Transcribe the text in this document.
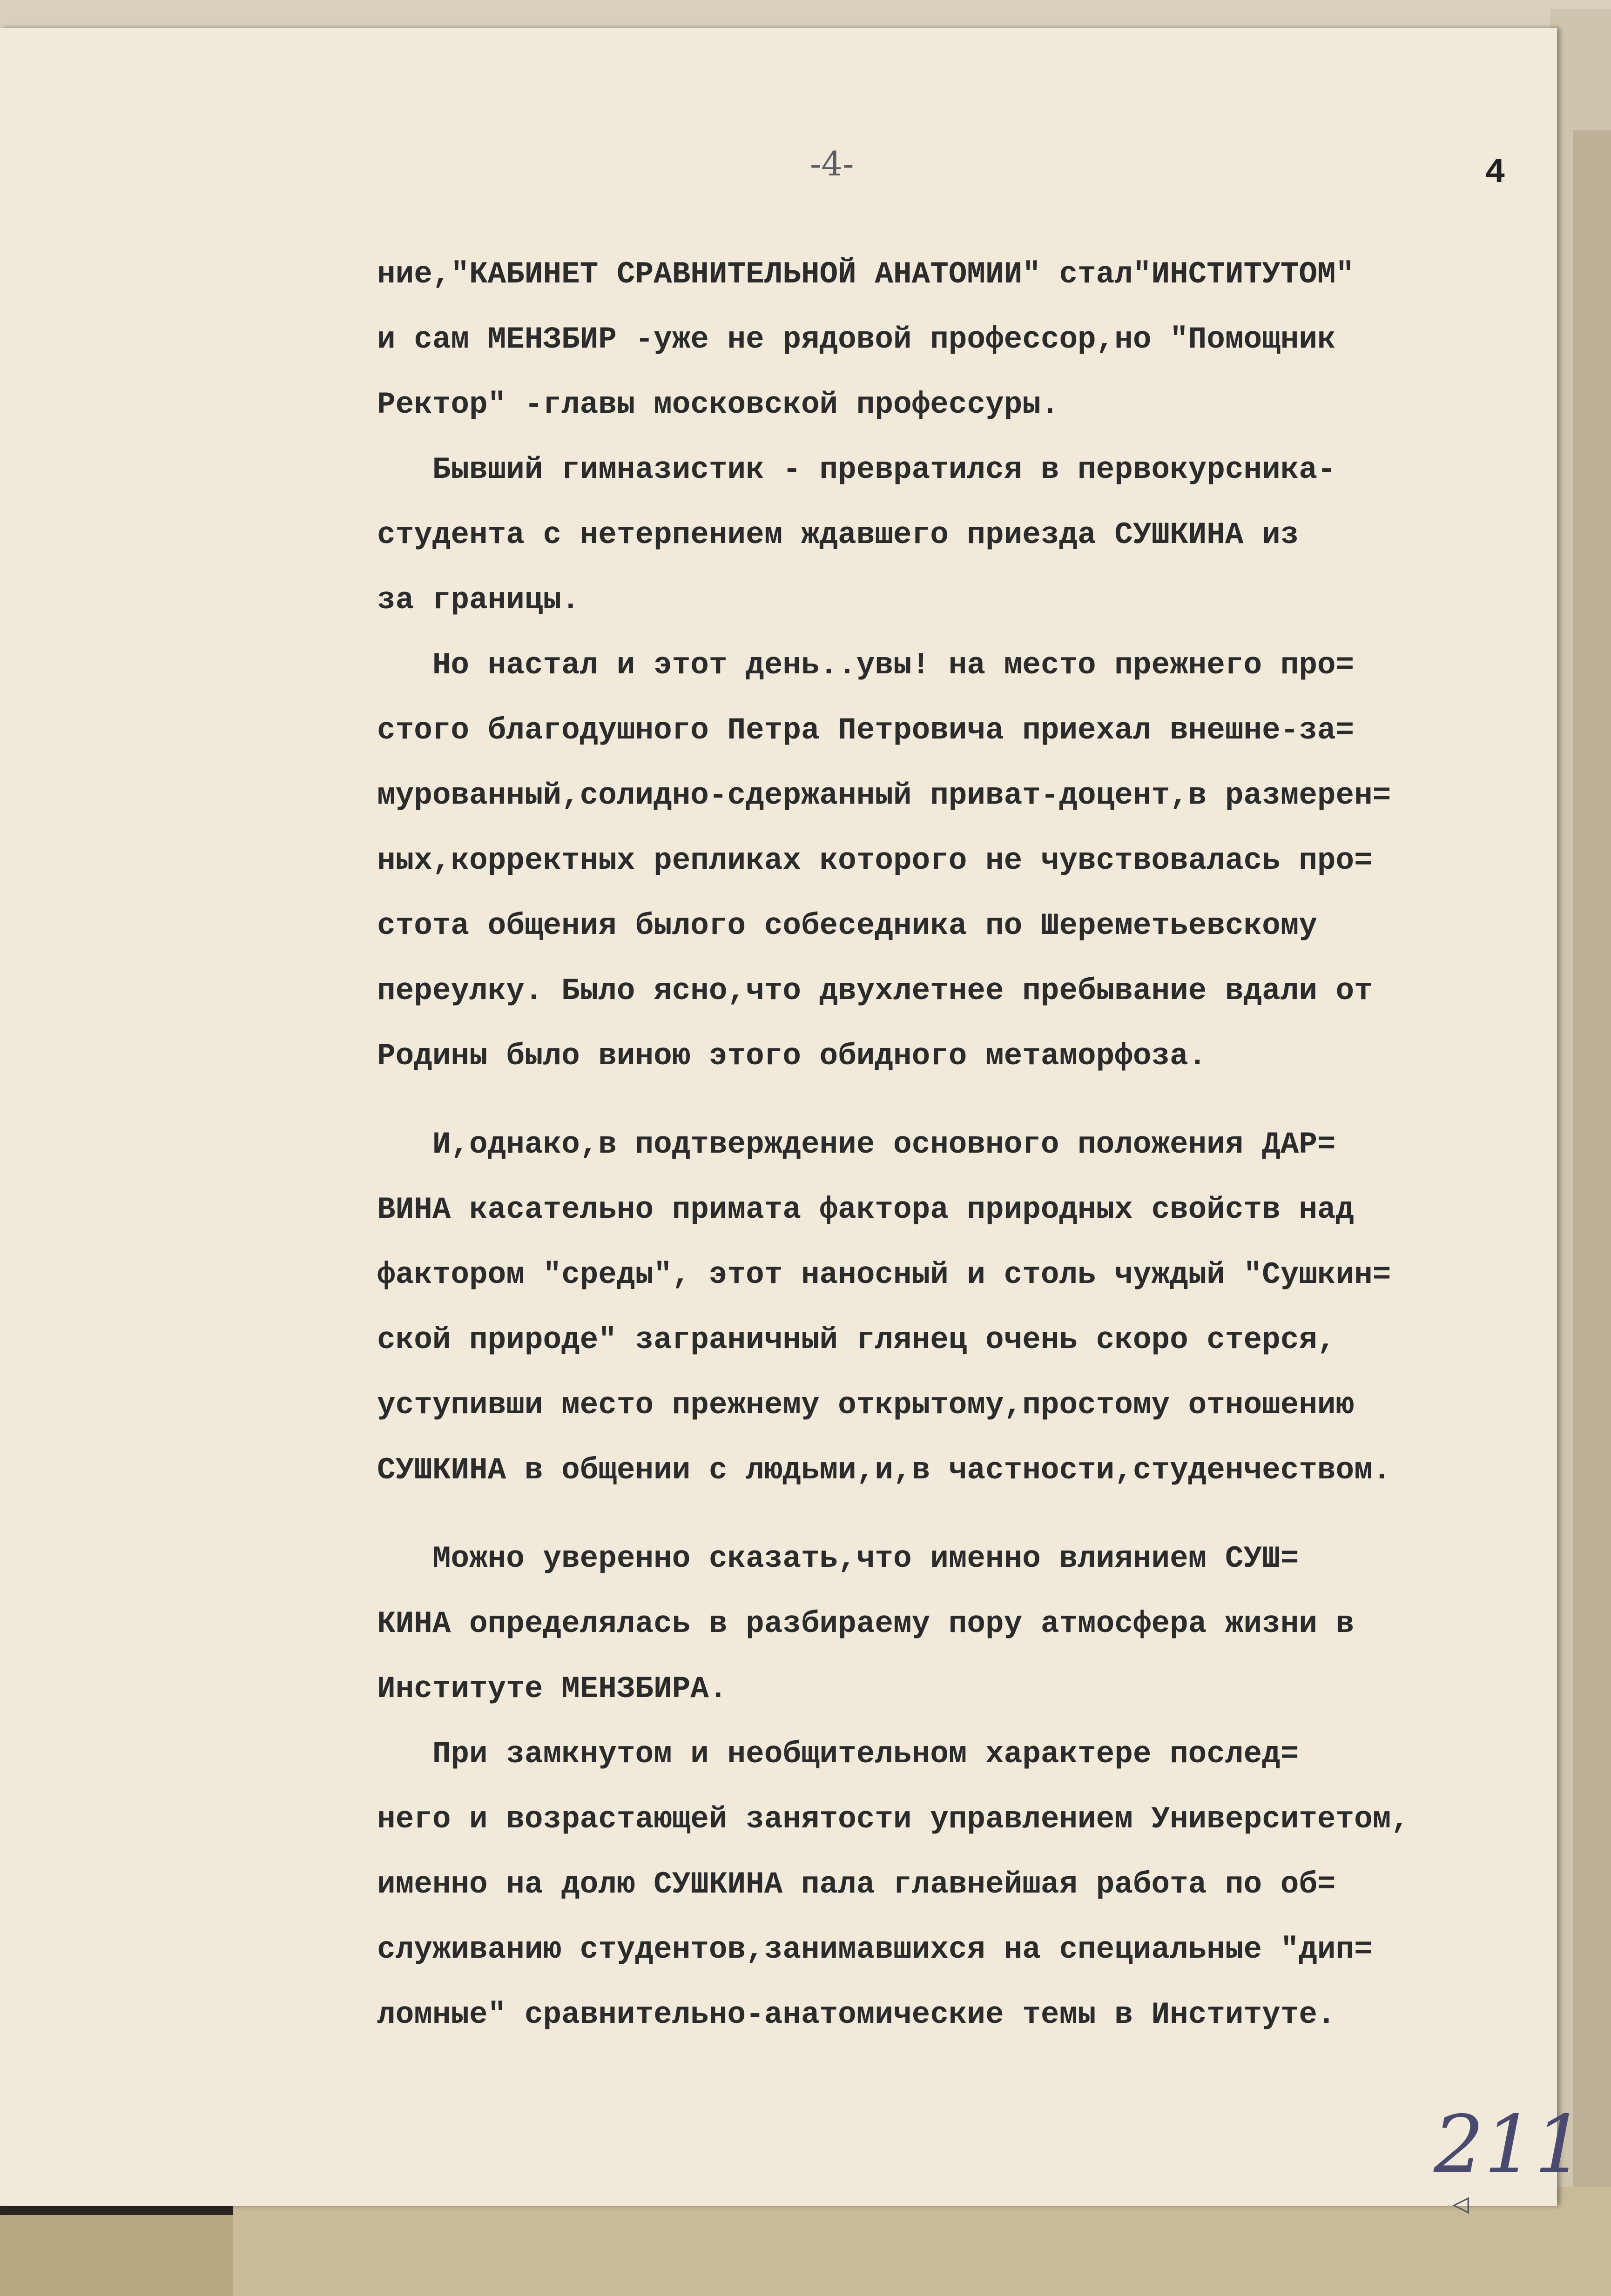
-4-	4
ние,"КАБИНЕТ СРАВНИТЕЛЬНОЙ АНАТОМИИ" стал"ИНСТИТУТОМ"
и сам МЕНЗБИР -уже не рядовой профессор,но "Помощник
Ректор" -главы московской профессуры.
Бывший гимназистик - превратился в первокурсника-
студента с нетерпением ждавшего приезда СУШКИНА из
за границы.
Но настал и этот день..увы! на место прежнего про=
стого благодушного Петра Петровича приехал внешне-за=
мурованный,солидно-сдержанный приват-доцент,в размерен=
ных,корректных репликах которого не чувствовалась про=
стота общения былого собеседника по Шереметьевскому
переулку. Было ясно,что двухлетнее пребывание вдали от
Родины было виною этого обидного метаморфоза.
И,однако,в подтверждение основного положения ДАР=
ВИНА касательно примата фактора природных свойств над
фактором "среды", этот наносный и столь чуждый "Сушкин=
ской природе" заграничный глянец очень скоро стерся,
уступивши место прежнему открытому,простому отношению
СУШКИНА в общении с людьми,и,в частности,студенчеством.
Можно уверенно сказать,что именно влиянием СУШ=
КИНА определялась в разбираему пору атмосфера жизни в
Институте МЕНЗБИРА.
При замкнутом и необщительном характере послед=
него и возрастающей занятости управлением Университетом,
именно на долю СУШКИНА пала главнейшая работа по об=
служиванию студентов,занимавшихся на специальные "дип=
ломные" сравнительно-анатомические темы в Институте.
211
◁
